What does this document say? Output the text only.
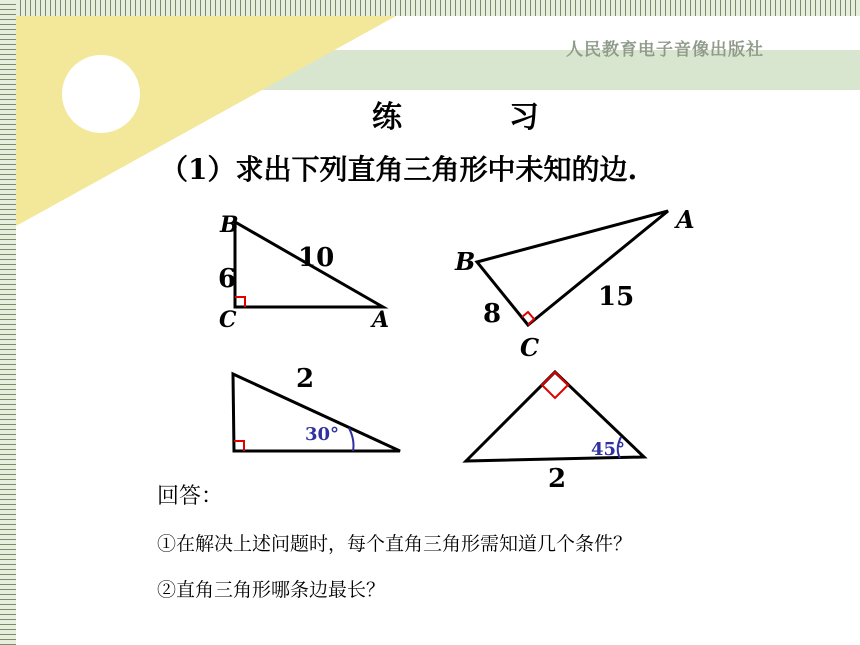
人民教育电子音像出版社
练	习
（1）求出下列直角三角形中未知的边.
B
C	A
6
10
A
B
C
8
15
2
30°
45°
2
回答：
①在解决上述问题时，每个直角三角形需知道几个条件？
②直角三角形哪条边最长？
